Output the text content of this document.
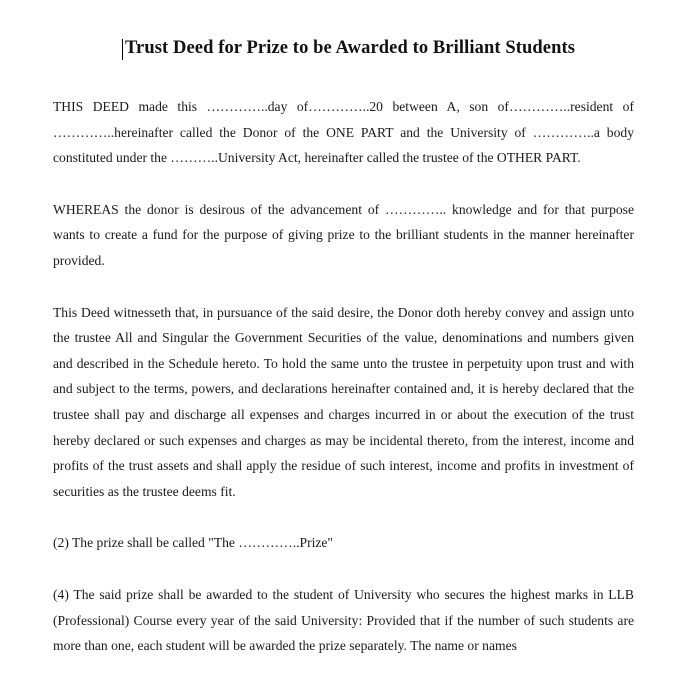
Trust Deed for Prize to be Awarded to Brilliant Students

THIS DEED made this …………..day of…………..20 between A, son of…………..resident of …………..hereinafter called the Donor of the ONE PART and the University of …………..a body constituted under the ………..University Act, hereinafter called the trustee of the OTHER PART.

WHEREAS the donor is desirous of the advancement of ………….. knowledge and for that purpose wants to create a fund for the purpose of giving prize to the brilliant students in the manner hereinafter provided.

This Deed witnesseth that, in pursuance of the said desire, the Donor doth hereby convey and assign unto the trustee All and Singular the Government Securities of the value, denominations and numbers given and described in the Schedule hereto. To hold the same unto the trustee in perpetuity upon trust and with and subject to the terms, powers, and declarations hereinafter contained and, it is hereby declared that the trustee shall pay and discharge all expenses and charges incurred in or about the execution of the trust hereby declared or such expenses and charges as may be incidental thereto, from the interest, income and profits of the trust assets and shall apply the residue of such interest, income and profits in investment of securities as the trustee deems fit.

(2) The prize shall be called "The …………..Prize"

(4) The said prize shall be awarded to the student of University who secures the highest marks in LLB (Professional) Course every year of the said University: Provided that if the number of such students are more than one, each student will be awarded the prize separately. The name or names
